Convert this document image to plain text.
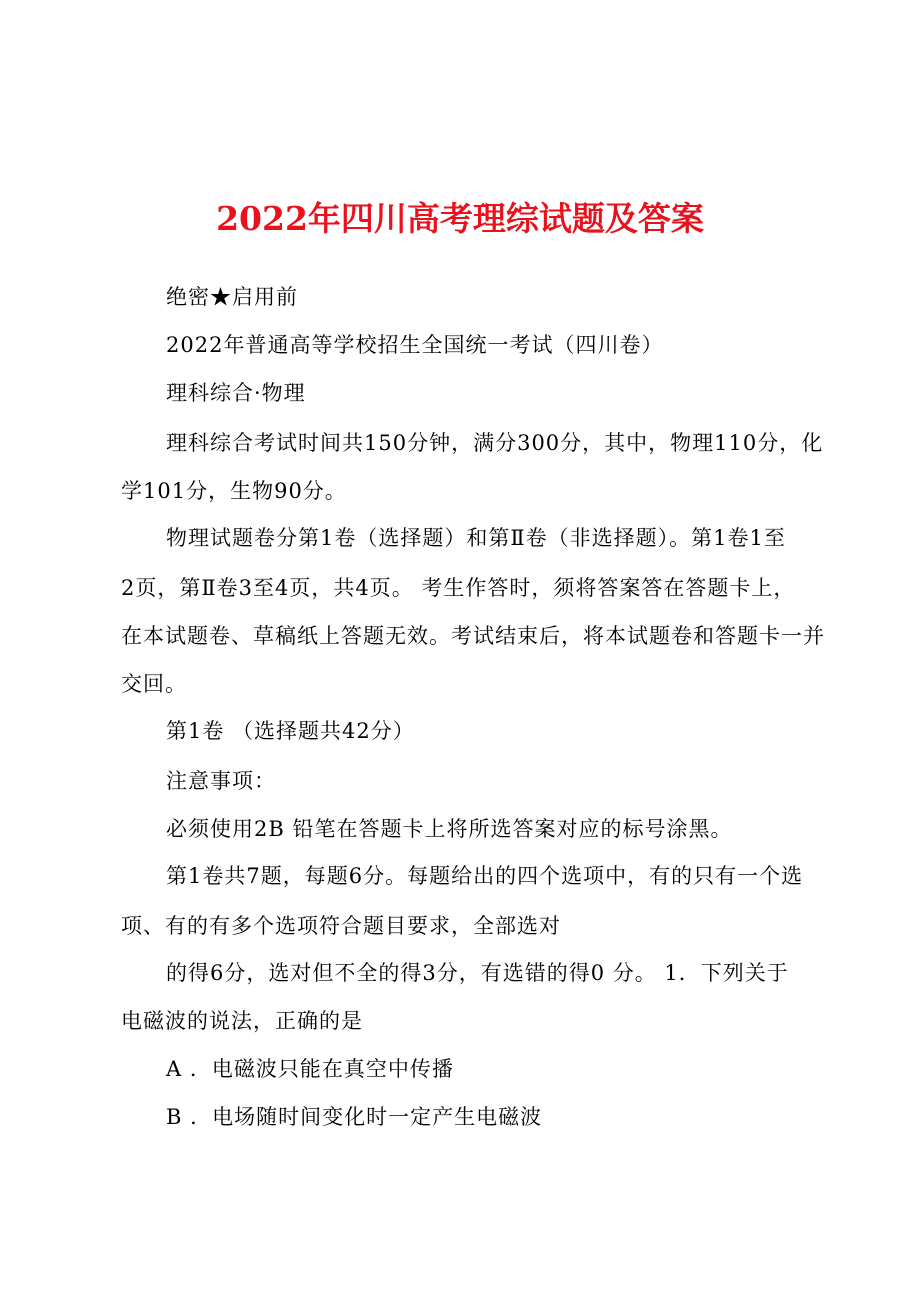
2022年四川高考理综试题及答案
绝密★启用前
2022年普通高等学校招生全国统一考试（四川卷）
理科综合·物理
理科综合考试时间共150分钟，满分300分，其中，物理110分，化
学101分，生物90分。
物理试题卷分第1卷（选择题）和第Ⅱ卷（非选择题）。第1卷1至
2页，第Ⅱ卷3至4页，共4页。 考生作答时，须将答案答在答题卡上，
在本试题卷、草稿纸上答题无效。考试结束后，将本试题卷和答题卡一并
交回。
第1卷 （选择题共42分）
注意事项：
必须使用2B 铅笔在答题卡上将所选答案对应的标号涂黑。
第1卷共7题，每题6分。每题给出的四个选项中，有的只有一个选
项、有的有多个选项符合题目要求，全部选对
的得6分，选对但不全的得3分，有选错的得0 分。 1．下列关于
电磁波的说法，正确的是
A ．电磁波只能在真空中传播
B ．电场随时间变化时一定产生电磁波
